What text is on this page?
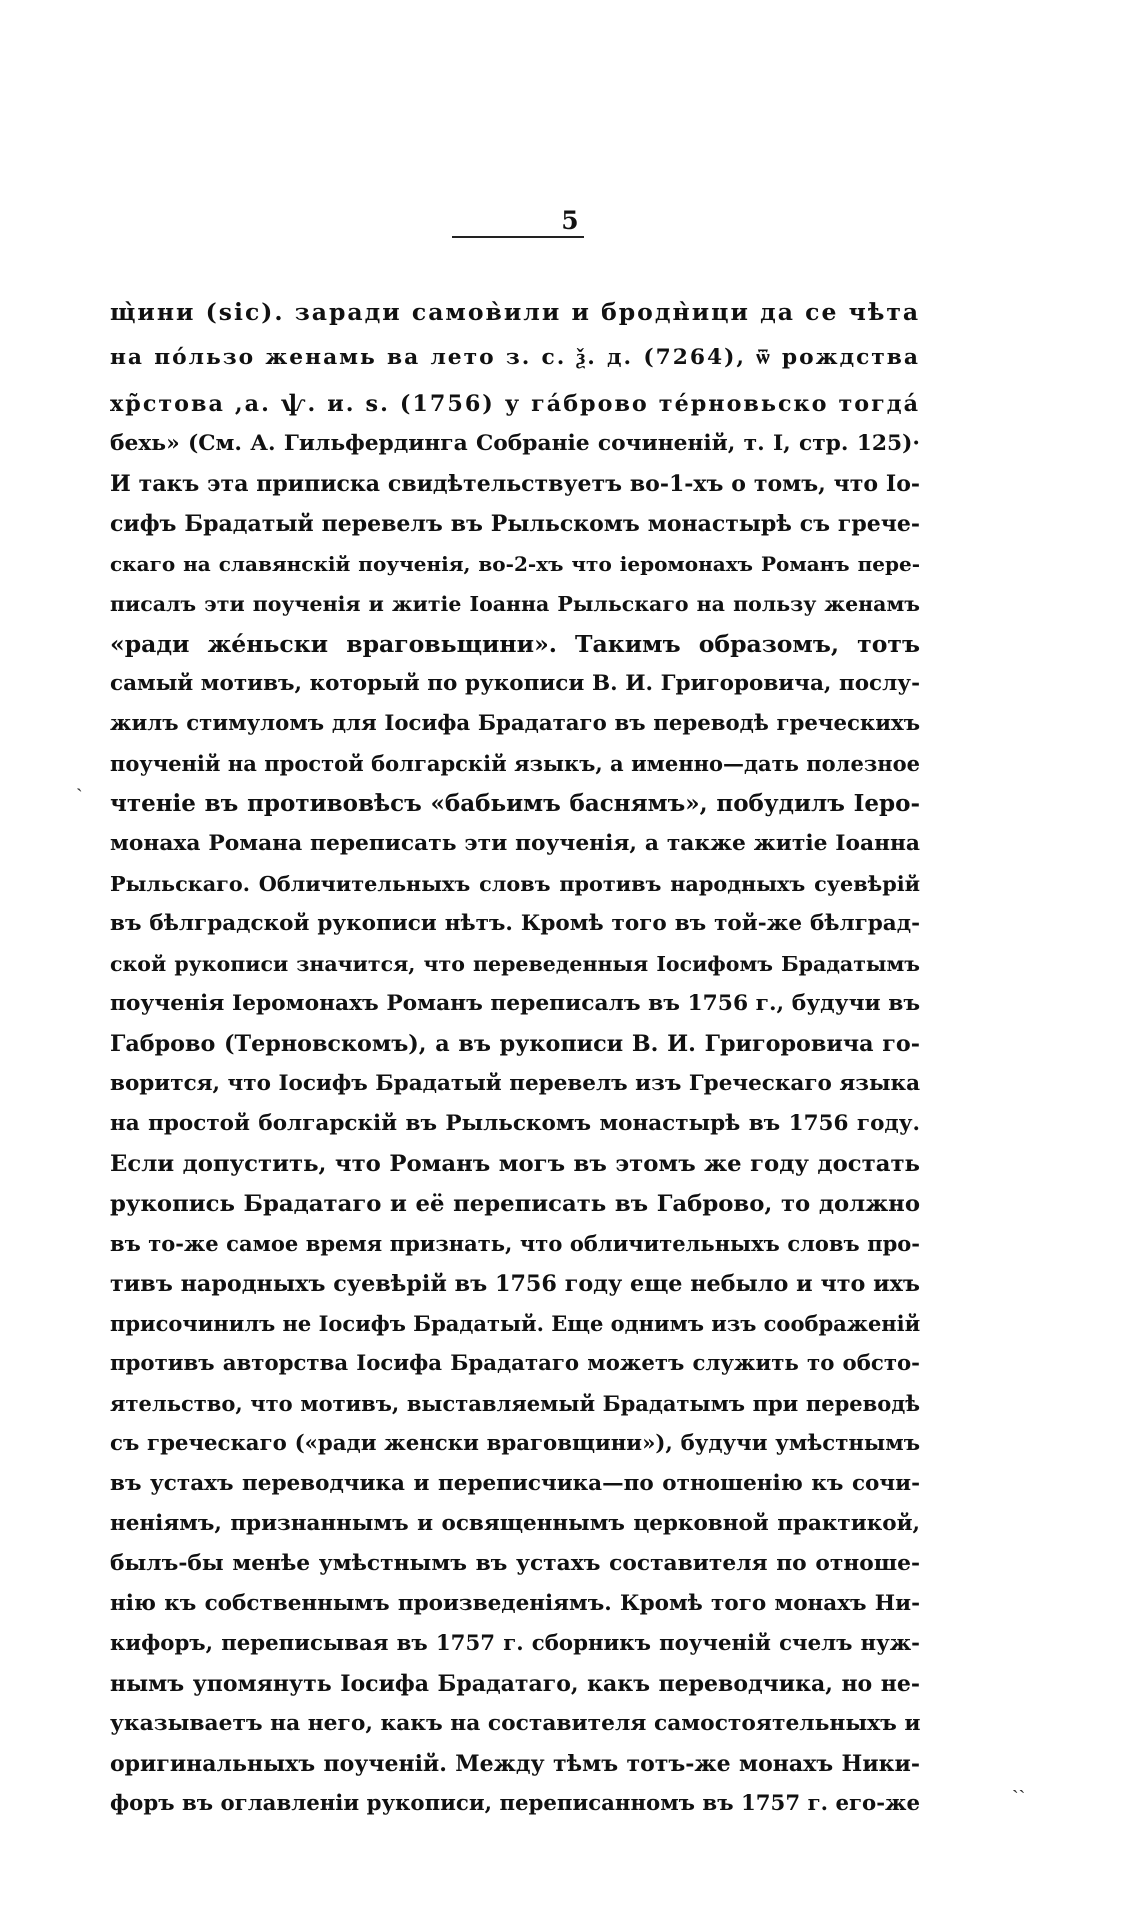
5
ˎ
˴˴
щ̀ини (sic). заради самов̀или и бродн̀ици да се чѣта
на пóльзо женамь ва лето з. с. ѯ. д. (7264), ѿ рождства
хр̃стова ,а. ѱ. и. ѕ. (1756) у га́брово те́рновьско тогда́
бехь» (См. А. Гильфердинга Собраніе сочиненій, т. I, стр. 125)·
И такъ эта приписка свидѣтельствуетъ во-1-хъ о томъ, что Іо-
сифъ Брадатый перевелъ въ Рыльскомъ монастырѣ съ грече-
скаго на славянскій поученія, во-2-хъ что іеромонахъ Романъ пере-
писалъ эти поученія и житіе Іоанна Рыльскаго на пользу женамъ
«ради же́ньски враговьщини». Такимъ образомъ, тотъ
самый мотивъ, который по рукописи В. И. Григоровича, послу-
жилъ стимуломъ для Іосифа Брадатаго въ переводѣ греческихъ
поученій на простой болгарскій языкъ, а именно—дать полезное
чтеніе въ противовѣсъ «бабьимъ баснямъ», побудилъ Іеро-
монаха Романа переписать эти поученія, а также житіе Іоанна
Рыльскаго. Обличительныхъ словъ противъ народныхъ суевѣрій
въ бѣлградской рукописи нѣтъ. Кромѣ того въ той-же бѣлград-
ской рукописи значится, что переведенныя Іосифомъ Брадатымъ
поученія Іеромонахъ Романъ переписалъ въ 1756 г., будучи въ
Габрово (Терновскомъ), а въ рукописи В. И. Григоровича го-
ворится, что Іосифъ Брадатый перевелъ изъ Греческаго языка
на простой болгарскій въ Рыльскомъ монастырѣ въ 1756 году.
Если допустить, что Романъ могъ въ этомъ же году достать
рукопись Брадатаго и её переписать въ Габрово, то должно
въ то-же самое время признать, что обличительныхъ словъ про-
тивъ народныхъ суевѣрій въ 1756 году еще небыло и что ихъ
присочинилъ не Іосифъ Брадатый. Еще однимъ изъ соображеній
противъ авторства Іосифа Брадатаго можетъ служить то обсто-
ятельство, что мотивъ, выставляемый Брадатымъ при переводѣ
съ греческаго («ради женски враговщини»), будучи умѣстнымъ
въ устахъ переводчика и переписчика—по отношенію къ сочи-
неніямъ, признаннымъ и освященнымъ церковной практикой,
былъ-бы менѣе умѣстнымъ въ устахъ составителя по отноше-
нію къ собственнымъ произведеніямъ. Кромѣ того монахъ Ни-
кифоръ, переписывая въ 1757 г. сборникъ поученій счелъ нуж-
нымъ упомянуть Іосифа Брадатаго, какъ переводчика, но не-
указываетъ на него, какъ на составителя самостоятельныхъ и
оригинальныхъ поученій. Между тѣмъ тотъ-же монахъ Ники-
форъ въ оглавленіи рукописи, переписанномъ въ 1757 г. его-же
